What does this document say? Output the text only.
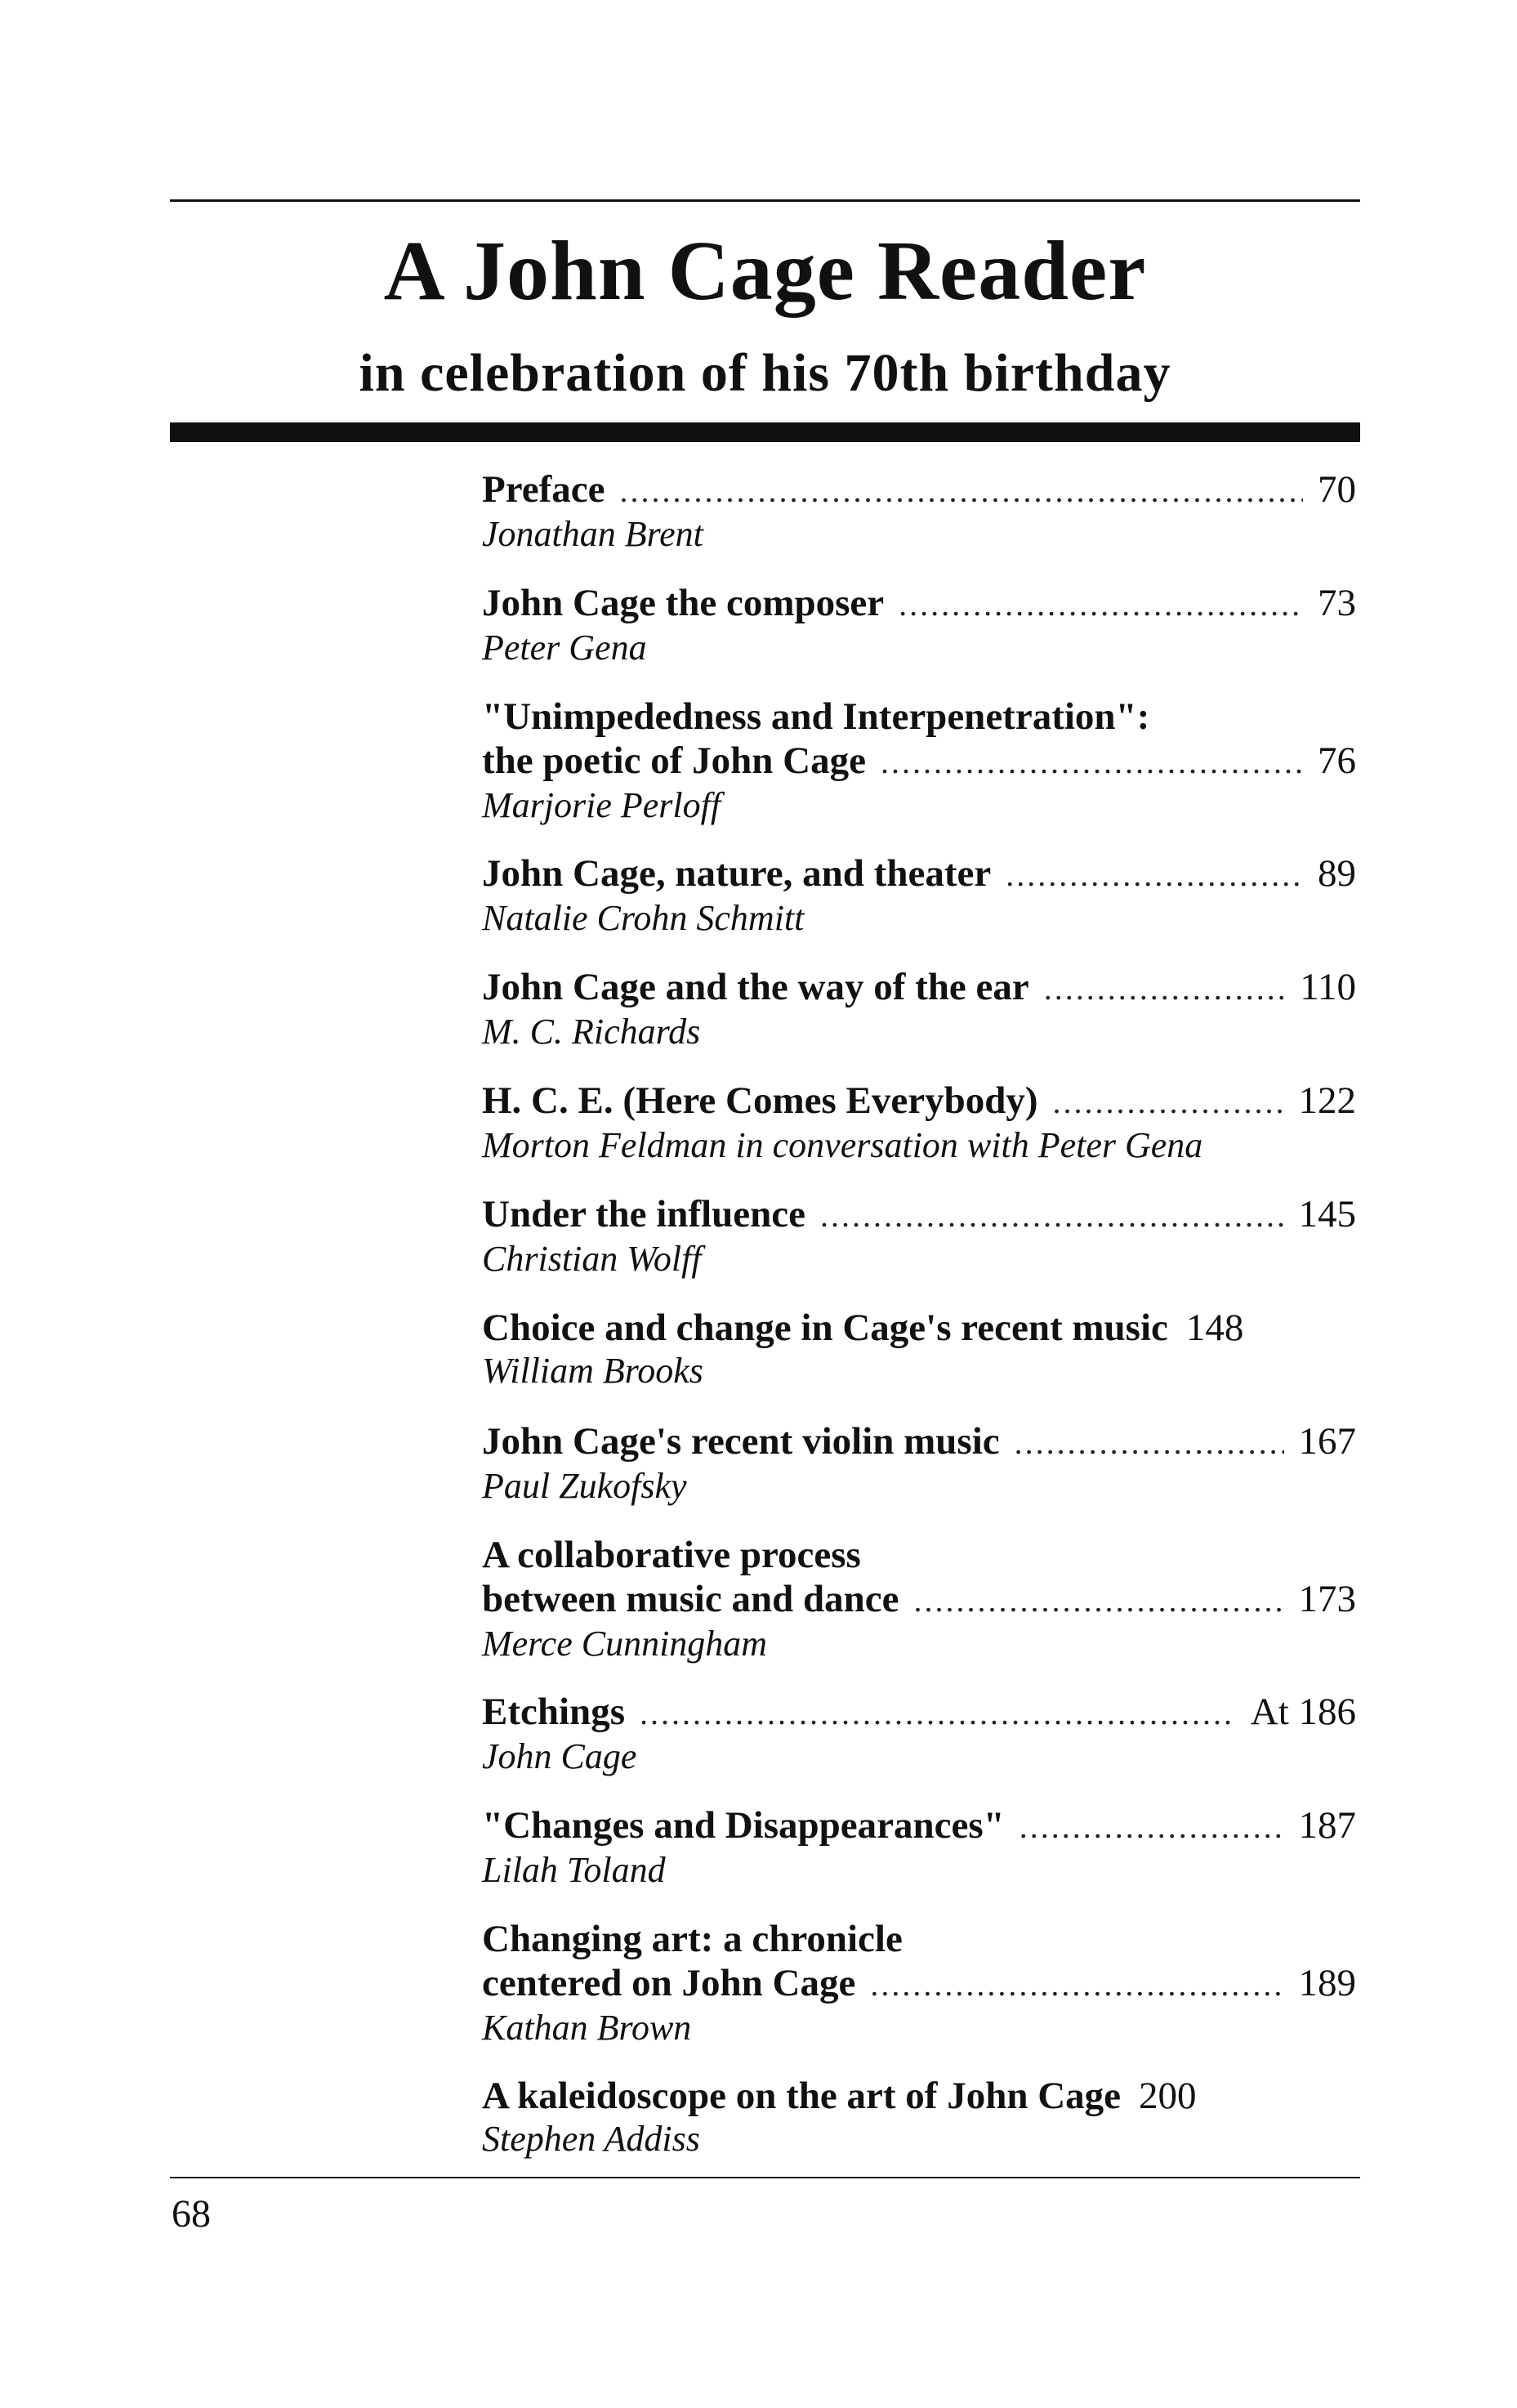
A John Cage Reader
in celebration of his 70th birthday
Preface .....	70
Jonathan Brent
John Cage the composer .....	73
Peter Gena
"Unimpededness and Interpenetration":
the poetic of John Cage .....	76
Marjorie Perloff
John Cage, nature, and theater .....	89
Natalie Crohn Schmitt
John Cage and the way of the ear .....	110
M. C. Richards
H. C. E. (Here Comes Everybody) .....	122
Morton Feldman in conversation with Peter Gena
Under the influence .....	145
Christian Wolff
Choice and change in Cage's recent music 148
William Brooks
John Cage's recent violin music .....	167
Paul Zukofsky
A collaborative process
between music and dance .....	173
Merce Cunningham
Etchings .....	At 186
John Cage
"Changes and Disappearances" .....	187
Lilah Toland
Changing art: a chronicle
centered on John Cage .....	189
Kathan Brown
A kaleidoscope on the art of John Cage 200
Stephen Addiss
68
